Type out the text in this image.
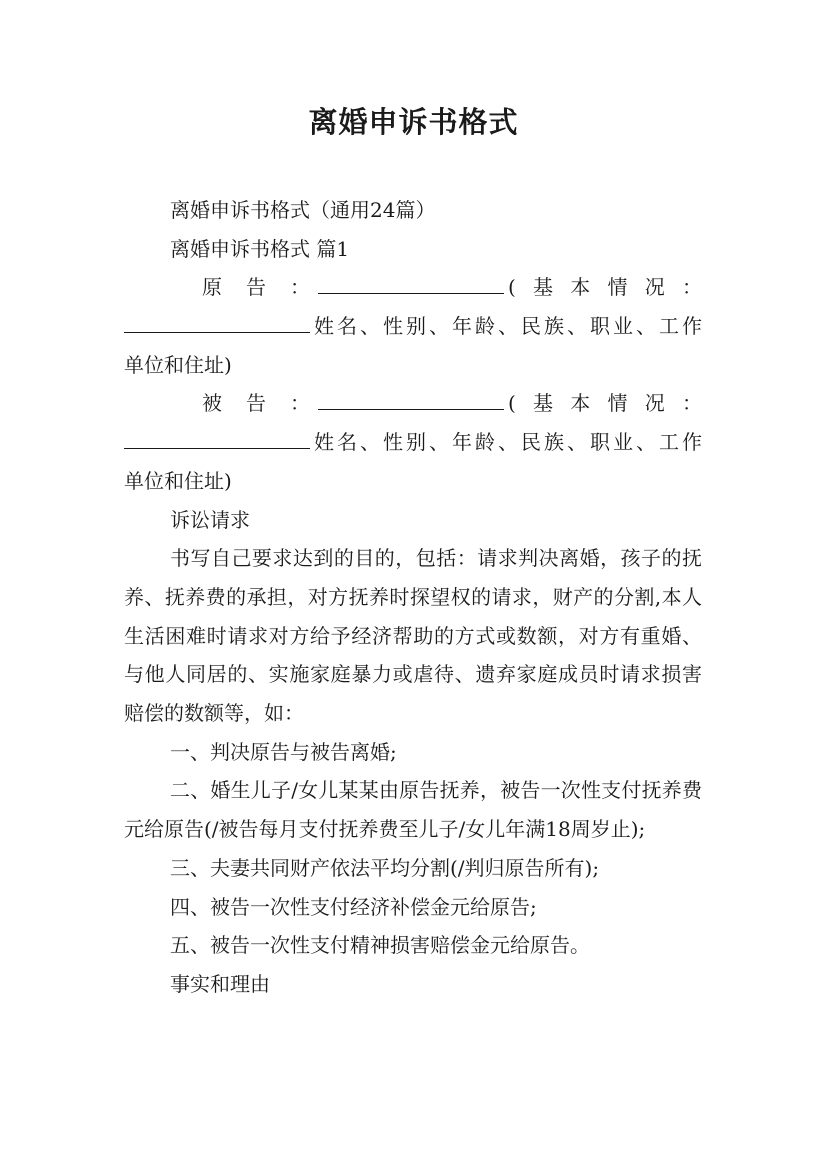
离婚申诉书格式

离婚申诉书格式（通用24篇）

离婚申诉书格式 篇1

原 告 ：	( 基 本 情 况 ：
姓 名 、 性 别 、 年 龄 、 民 族 、 职 业 、 工 作
单位和住址)
被 告 ：	( 基 本 情 况 ：
姓 名 、 性 别 、 年 龄 、 民 族 、 职 业 、 工 作
单位和住址)

诉讼请求

书写自己要求达到的目的，包括：请求判决离婚，孩子的抚养、抚养费的承担，对方抚养时探望权的请求，财产的分割,本人生活困难时请求对方给予经济帮助的方式或数额，对方有重婚、与他人同居的、实施家庭暴力或虐待、遗弃家庭成员时请求损害赔偿的数额等，如：

一、判决原告与被告离婚;

二、婚生儿子/女儿某某由原告抚养，被告一次性支付抚养费元给原告(/被告每月支付抚养费至儿子/女儿年满18周岁止);

三、夫妻共同财产依法平均分割(/判归原告所有);

四、被告一次性支付经济补偿金元给原告;

五、被告一次性支付精神损害赔偿金元给原告。

事实和理由
